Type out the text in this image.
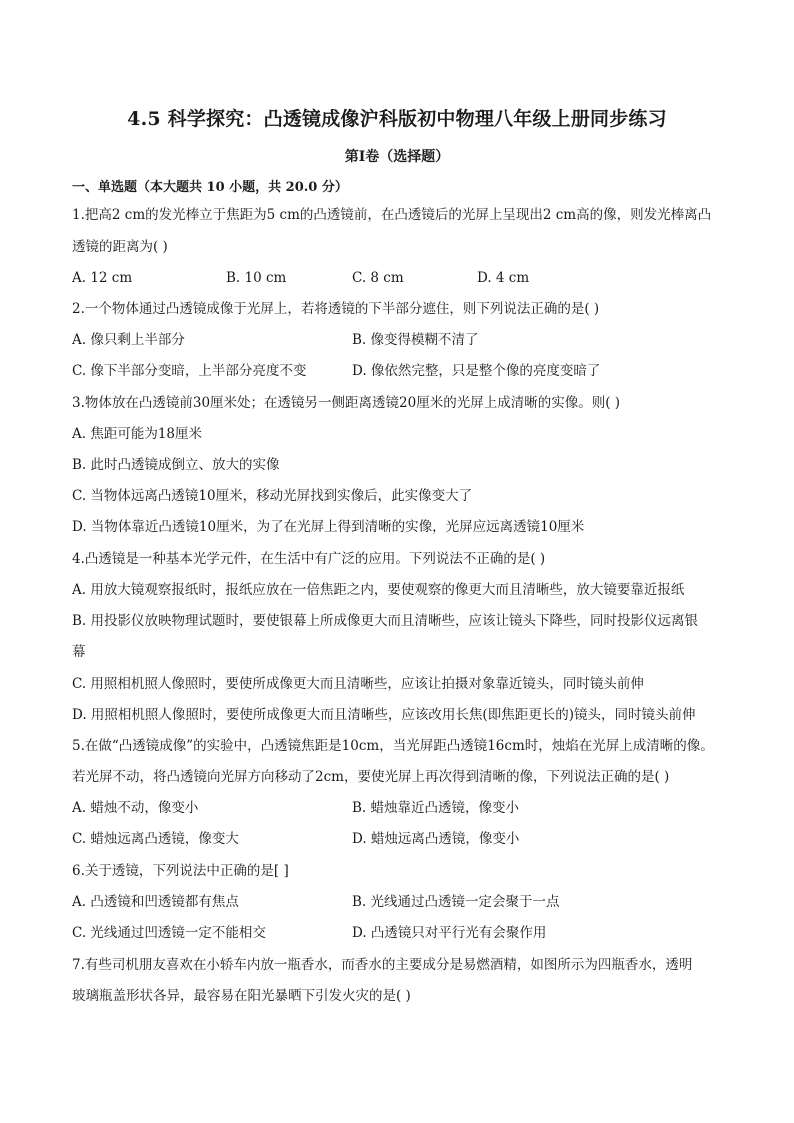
4.5 科学探究：凸透镜成像沪科版初中物理八年级上册同步练习
第Ⅰ卷（选择题）
一、单选题（本大题共 10 小题，共 20.0 分）
1.把高2 cm的发光棒立于焦距为5 cm的凸透镜前，在凸透镜后的光屏上呈现出2 cm高的像，则发光棒离凸
透镜的距离为( )
A. 12 cm	B. 10 cm	C. 8 cm	D. 4 cm
2.一个物体通过凸透镜成像于光屏上，若将透镜的下半部分遮住，则下列说法正确的是( )
A. 像只剩上半部分	B. 像变得模糊不清了
C. 像下半部分变暗，上半部分亮度不变	D. 像依然完整，只是整个像的亮度变暗了
3.物体放在凸透镜前30厘米处；在透镜另一侧距离透镜20厘米的光屏上成清晰的实像。则( )
A. 焦距可能为18厘米
B. 此时凸透镜成倒立、放大的实像
C. 当物体远离凸透镜10厘米，移动光屏找到实像后，此实像变大了
D. 当物体靠近凸透镜10厘米，为了在光屏上得到清晰的实像，光屏应远离透镜10厘米
4.凸透镜是一种基本光学元件，在生活中有广泛的应用。下列说法不正确的是( )
A. 用放大镜观察报纸时，报纸应放在一倍焦距之内，要使观察的像更大而且清晰些，放大镜要靠近报纸
B. 用投影仪放映物理试题时，要使银幕上所成像更大而且清晰些，应该让镜头下降些，同时投影仪远离银
幕
C. 用照相机照人像照时，要使所成像更大而且清晰些，应该让拍摄对象靠近镜头，同时镜头前伸
D. 用照相机照人像照时，要使所成像更大而且清晰些，应该改用长焦(即焦距更长的)镜头，同时镜头前伸
5.在做“凸透镜成像”的实验中，凸透镜焦距是10cm，当光屏距凸透镜16cm时，烛焰在光屏上成清晰的像。
若光屏不动，将凸透镜向光屏方向移动了2cm，要使光屏上再次得到清晰的像，下列说法正确的是( )
A. 蜡烛不动，像变小	B. 蜡烛靠近凸透镜，像变小
C. 蜡烛远离凸透镜，像变大	D. 蜡烛远离凸透镜，像变小
6.关于透镜，下列说法中正确的是[ ]
A. 凸透镜和凹透镜都有焦点	B. 光线通过凸透镜一定会聚于一点
C. 光线通过凹透镜一定不能相交	D. 凸透镜只对平行光有会聚作用
7.有些司机朋友喜欢在小轿车内放一瓶香水，而香水的主要成分是易燃酒精，如图所示为四瓶香水，透明
玻璃瓶盖形状各异，最容易在阳光暴晒下引发火灾的是( )
